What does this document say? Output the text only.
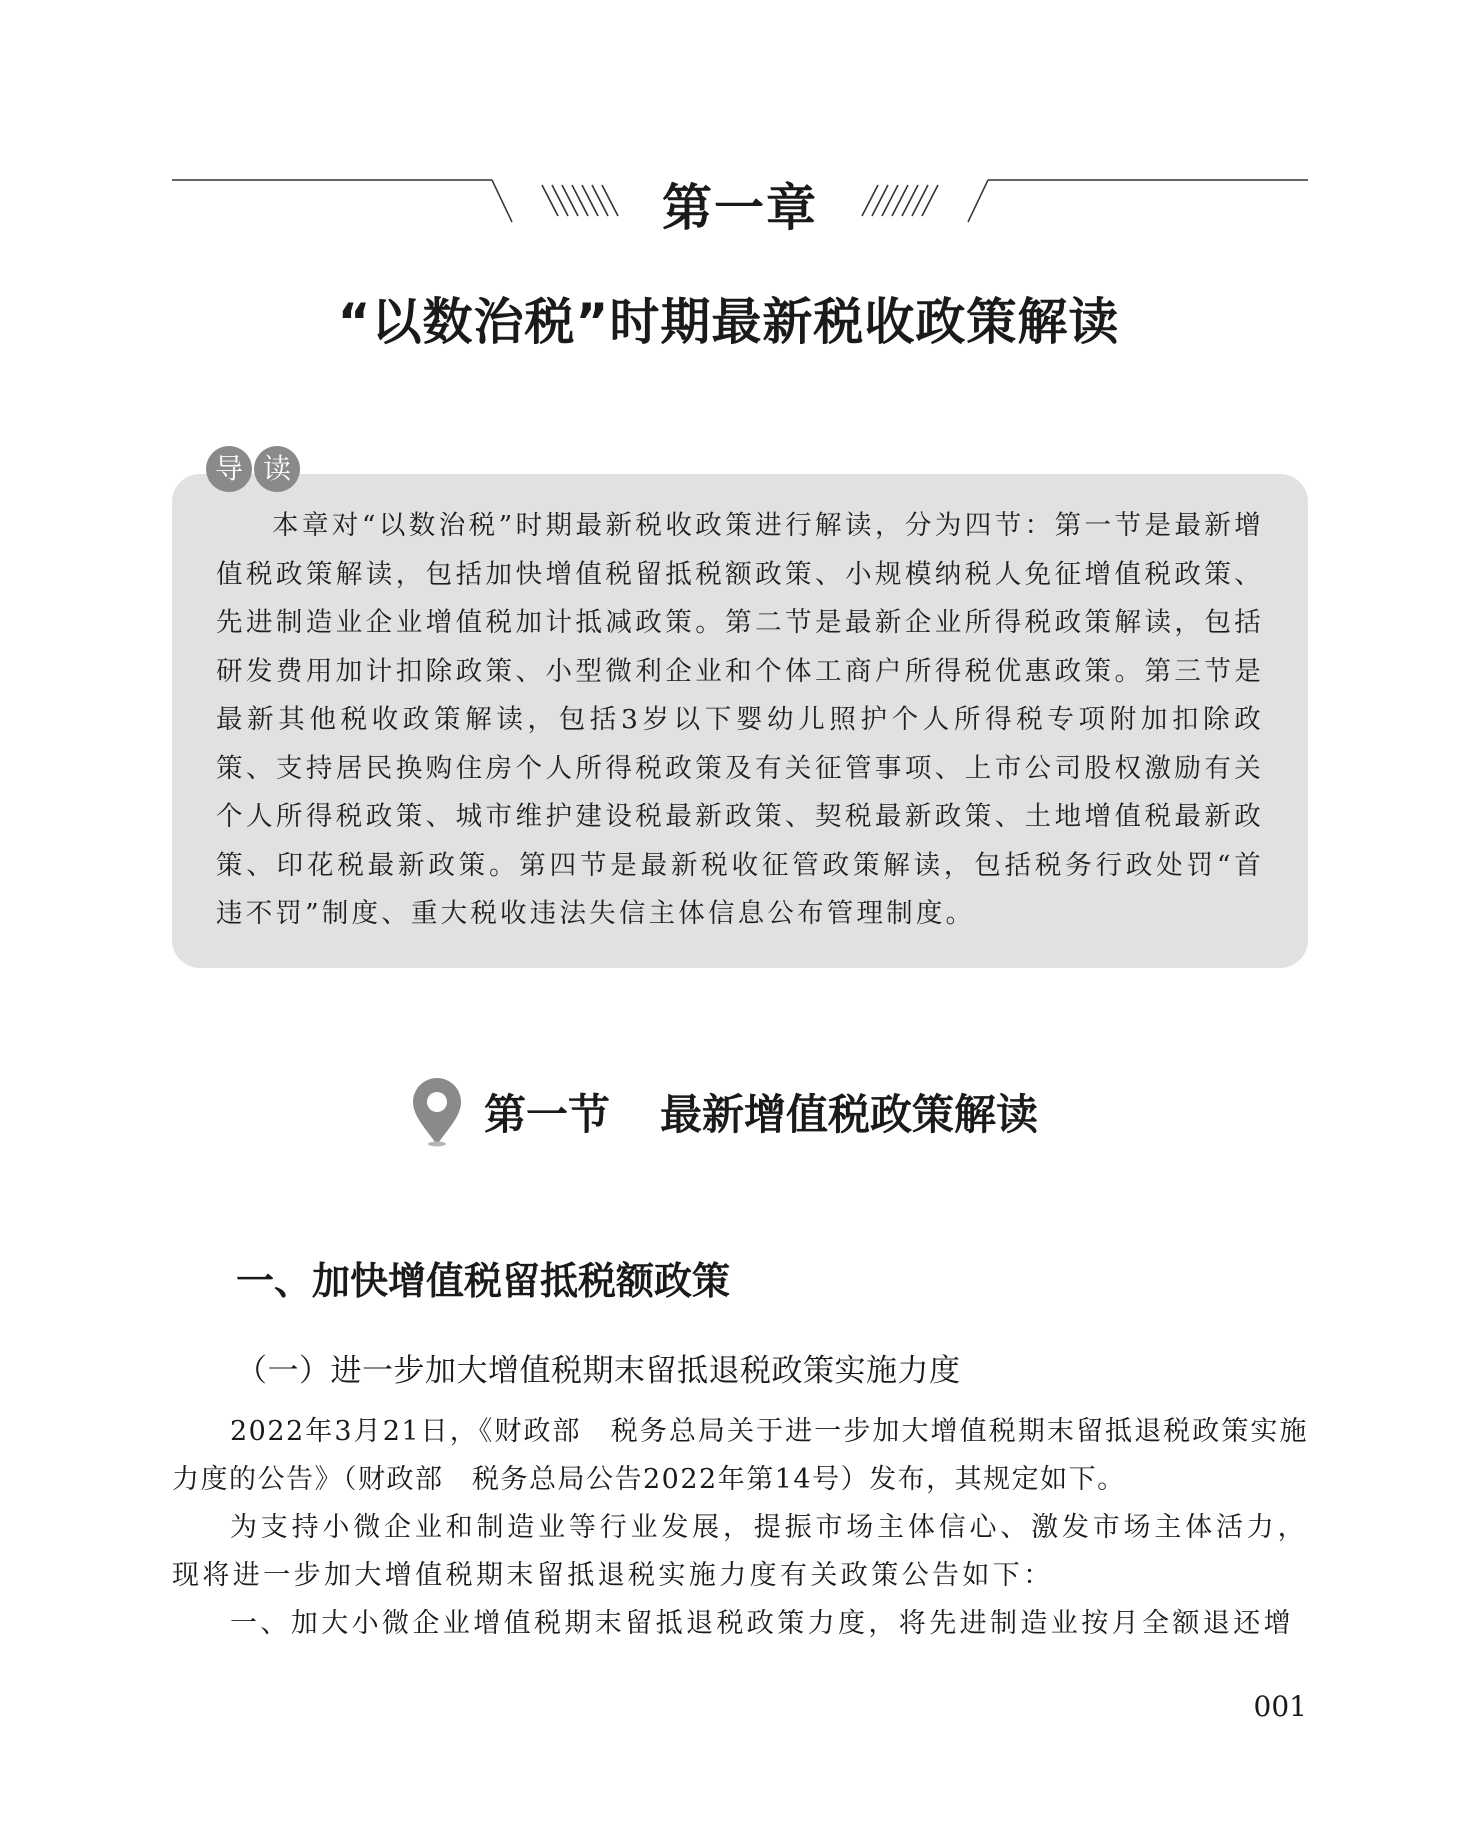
第一章
“以数治税”时期最新税收政策解读
导 读

本章对“以数治税”时期最新税收政策进行解读，分为四节：第一节是最新增值税政策解读，包括加快增值税留抵税额政策、小规模纳税人免征增值税政策、先进制造业企业增值税加计抵减政策。第二节是最新企业所得税政策解读，包括研发费用加计扣除政策、小型微利企业和个体工商户所得税优惠政策。第三节是最新其他税收政策解读，包括3岁以下婴幼儿照护个人所得税专项附加扣除政策、支持居民换购住房个人所得税政策及有关征管事项、上市公司股权激励有关个人所得税政策、城市维护建设税最新政策、契税最新政策、土地增值税最新政策、印花税最新政策。第四节是最新税收征管政策解读，包括税务行政处罚“首违不罚”制度、重大税收违法失信主体信息公布管理制度。

第一节 最新增值税政策解读
一、加快增值税留抵税额政策
（一）进一步加大增值税期末留抵退税政策实施力度

2022年3月21日，《财政部　税务总局关于进一步加大增值税期末留抵退税政策实施力度的公告》（财政部　税务总局公告2022年第14号）发布，其规定如下。

为支持小微企业和制造业等行业发展，提振市场主体信心、激发市场主体活力，现将进一步加大增值税期末留抵退税实施力度有关政策公告如下：

一、加大小微企业增值税期末留抵退税政策力度，将先进制造业按月全额退还增

001
